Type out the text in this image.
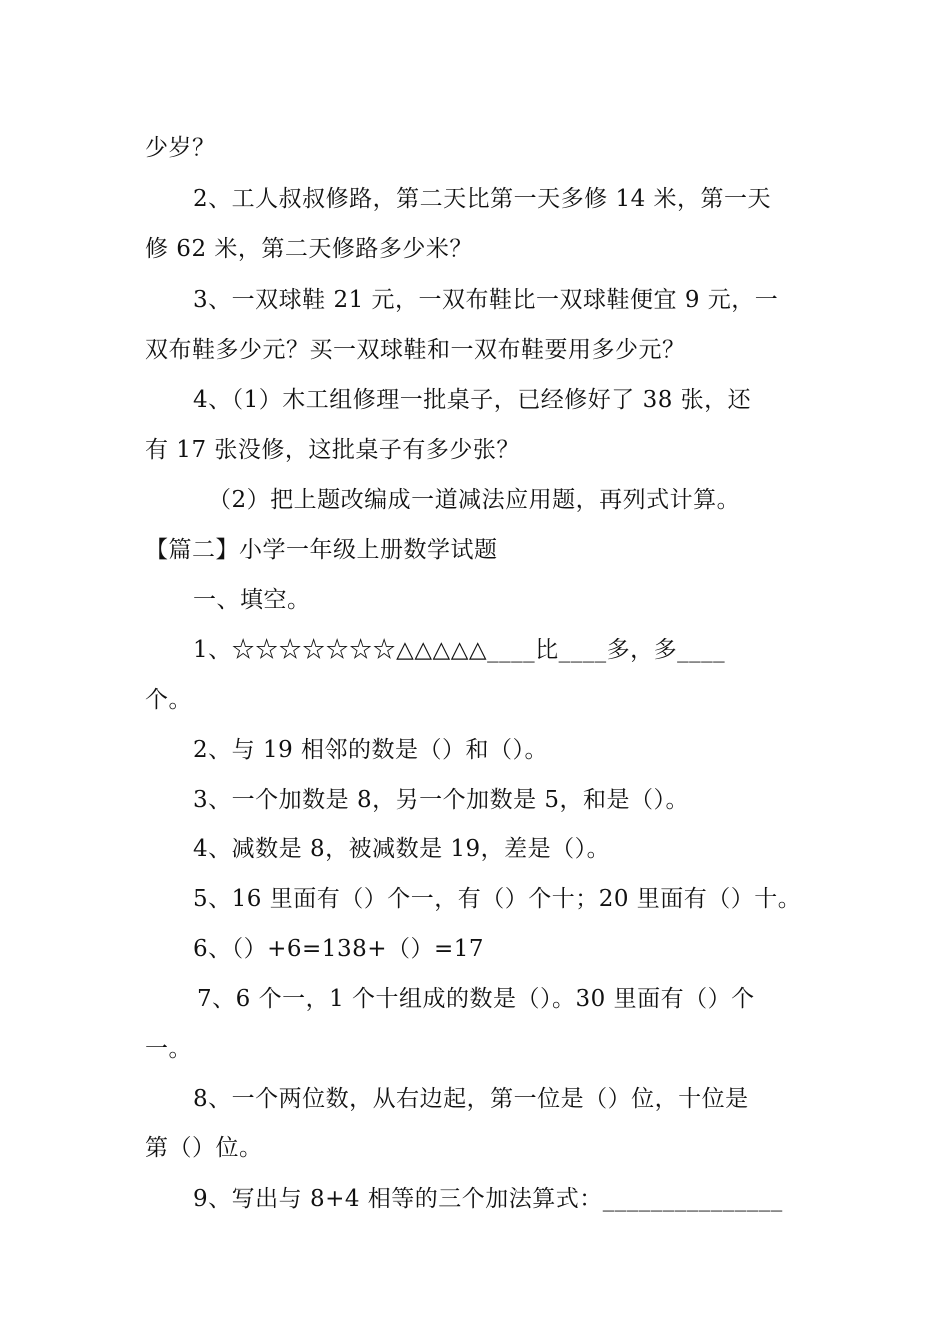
少岁？
2、工人叔叔修路，第二天比第一天多修 14 米，第一天
修 62 米，第二天修路多少米？
3、一双球鞋 21 元，一双布鞋比一双球鞋便宜 9 元，一
双布鞋多少元？买一双球鞋和一双布鞋要用多少元？
4、（1）木工组修理一批桌子，已经修好了 38 张，还
有 17 张没修，这批桌子有多少张？
（2）把上题改编成一道减法应用题，再列式计算。
【篇二】小学一年级上册数学试题
一、填空。
1、☆☆☆☆☆☆☆△△△△△____比____多，多____
个。
2、与 19 相邻的数是（）和（）。
3、一个加数是 8，另一个加数是 5，和是（）。
4、减数是 8，被减数是 19，差是（）。
5、16 里面有（）个一，有（）个十；20 里面有（）十。
6、（）+6=138+（）=17
7、6 个一，1 个十组成的数是（）。30 里面有（）个
一。
8、一个两位数，从右边起，第一位是（）位，十位是
第（）位。
9、写出与 8+4 相等的三个加法算式：_______________
